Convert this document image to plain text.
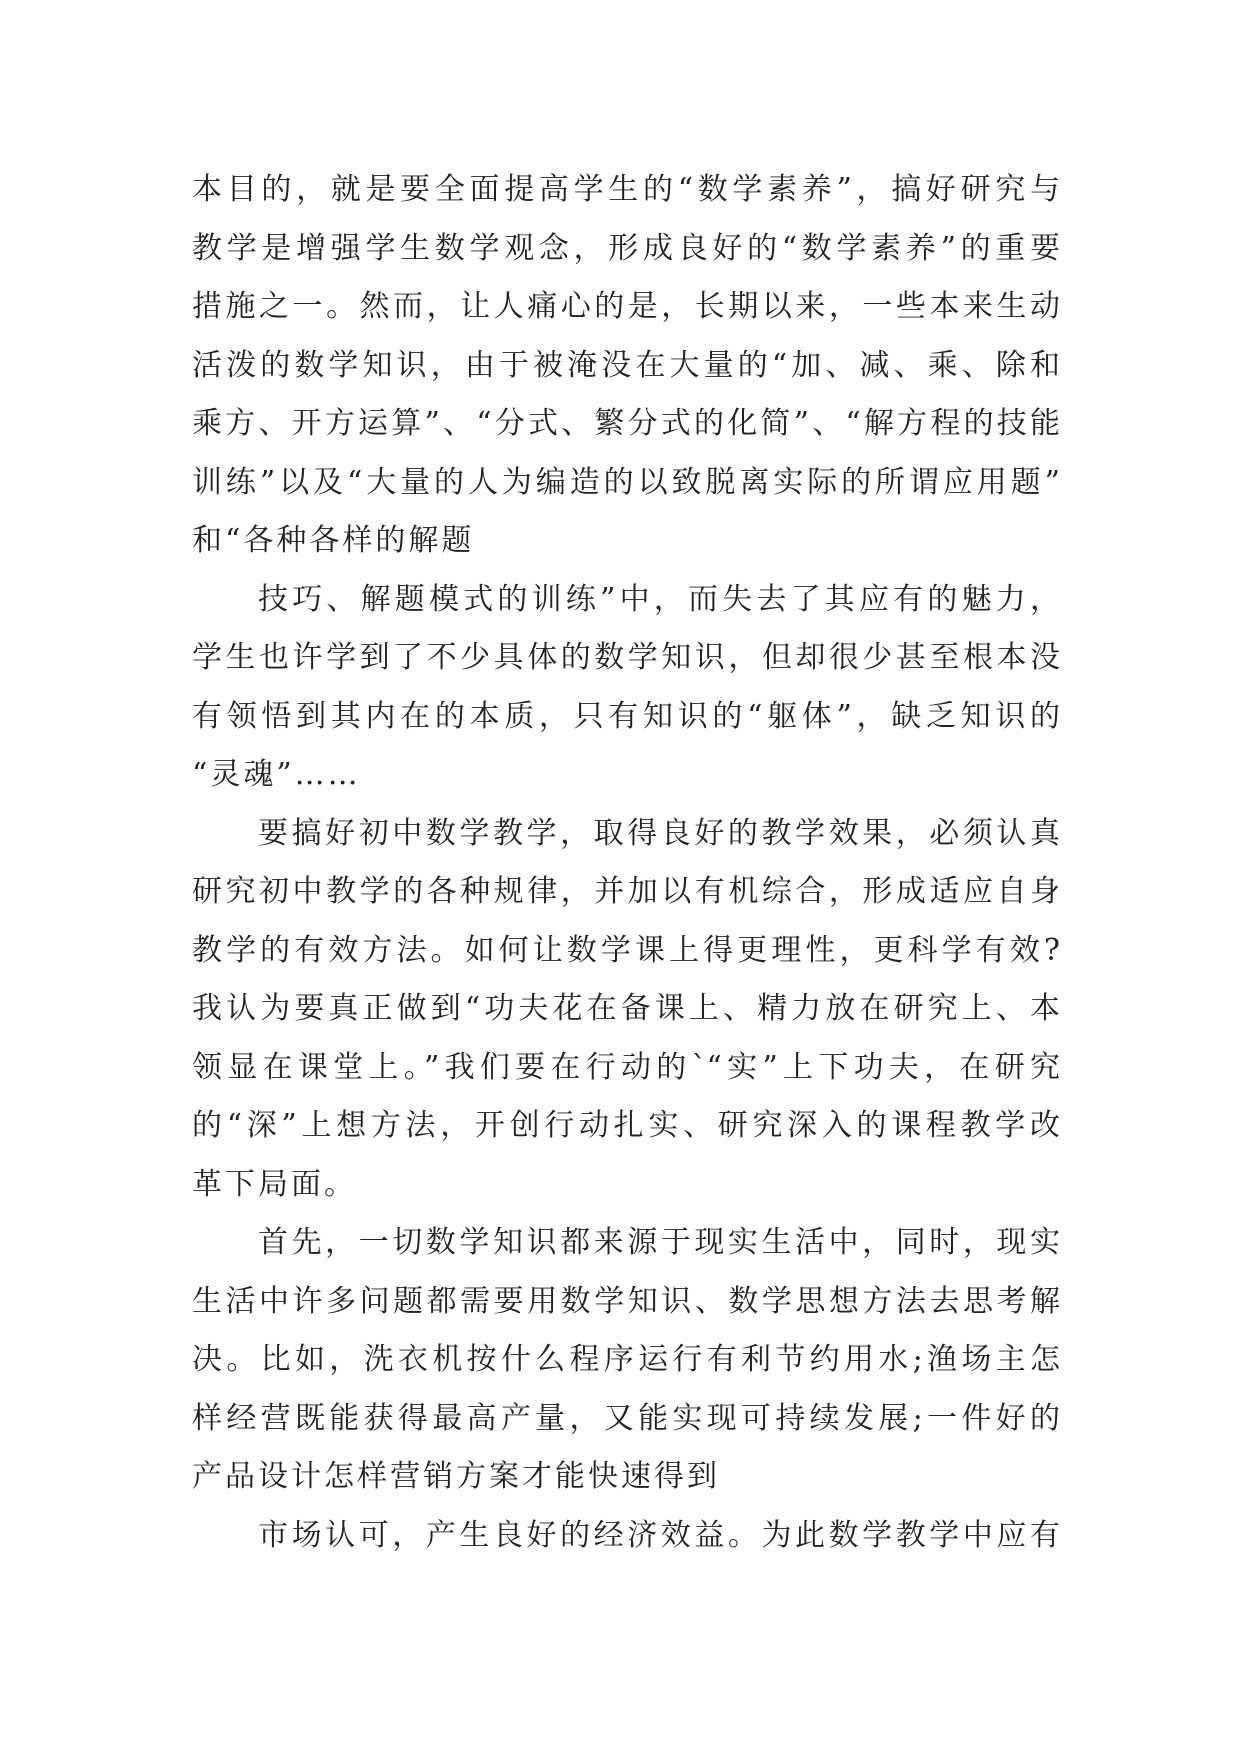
本目的，就是要全面提高学生的“数学素养”，搞好研究与
教学是增强学生数学观念，形成良好的“数学素养”的重要
措施之一。然而，让人痛心的是，长期以来，一些本来生动
活泼的数学知识，由于被淹没在大量的“加、减、乘、除和
乘方、开方运算”、“分式、繁分式的化简”、“解方程的技能
训练”以及“大量的人为编造的以致脱离实际的所谓应用题”
和“各种各样的解题
技巧、解题模式的训练”中，而失去了其应有的魅力，
学生也许学到了不少具体的数学知识，但却很少甚至根本没
有领悟到其内在的本质，只有知识的“躯体”，缺乏知识的
“灵魂”……
要搞好初中数学教学，取得良好的教学效果，必须认真
研究初中教学的各种规律，并加以有机综合，形成适应自身
教学的有效方法。如何让数学课上得更理性，更科学有效?
我认为要真正做到“功夫花在备课上、精力放在研究上、本
领显在课堂上。”我们要在行动的`“实”上下功夫，在研究
的“深”上想方法，开创行动扎实、研究深入的课程教学改
革下局面。
首先，一切数学知识都来源于现实生活中，同时，现实
生活中许多问题都需要用数学知识、数学思想方法去思考解
决。比如，洗衣机按什么程序运行有利节约用水;渔场主怎
样经营既能获得最高产量，又能实现可持续发展;一件好的
产品设计怎样营销方案才能快速得到
市场认可，产生良好的经济效益。为此数学教学中应有
